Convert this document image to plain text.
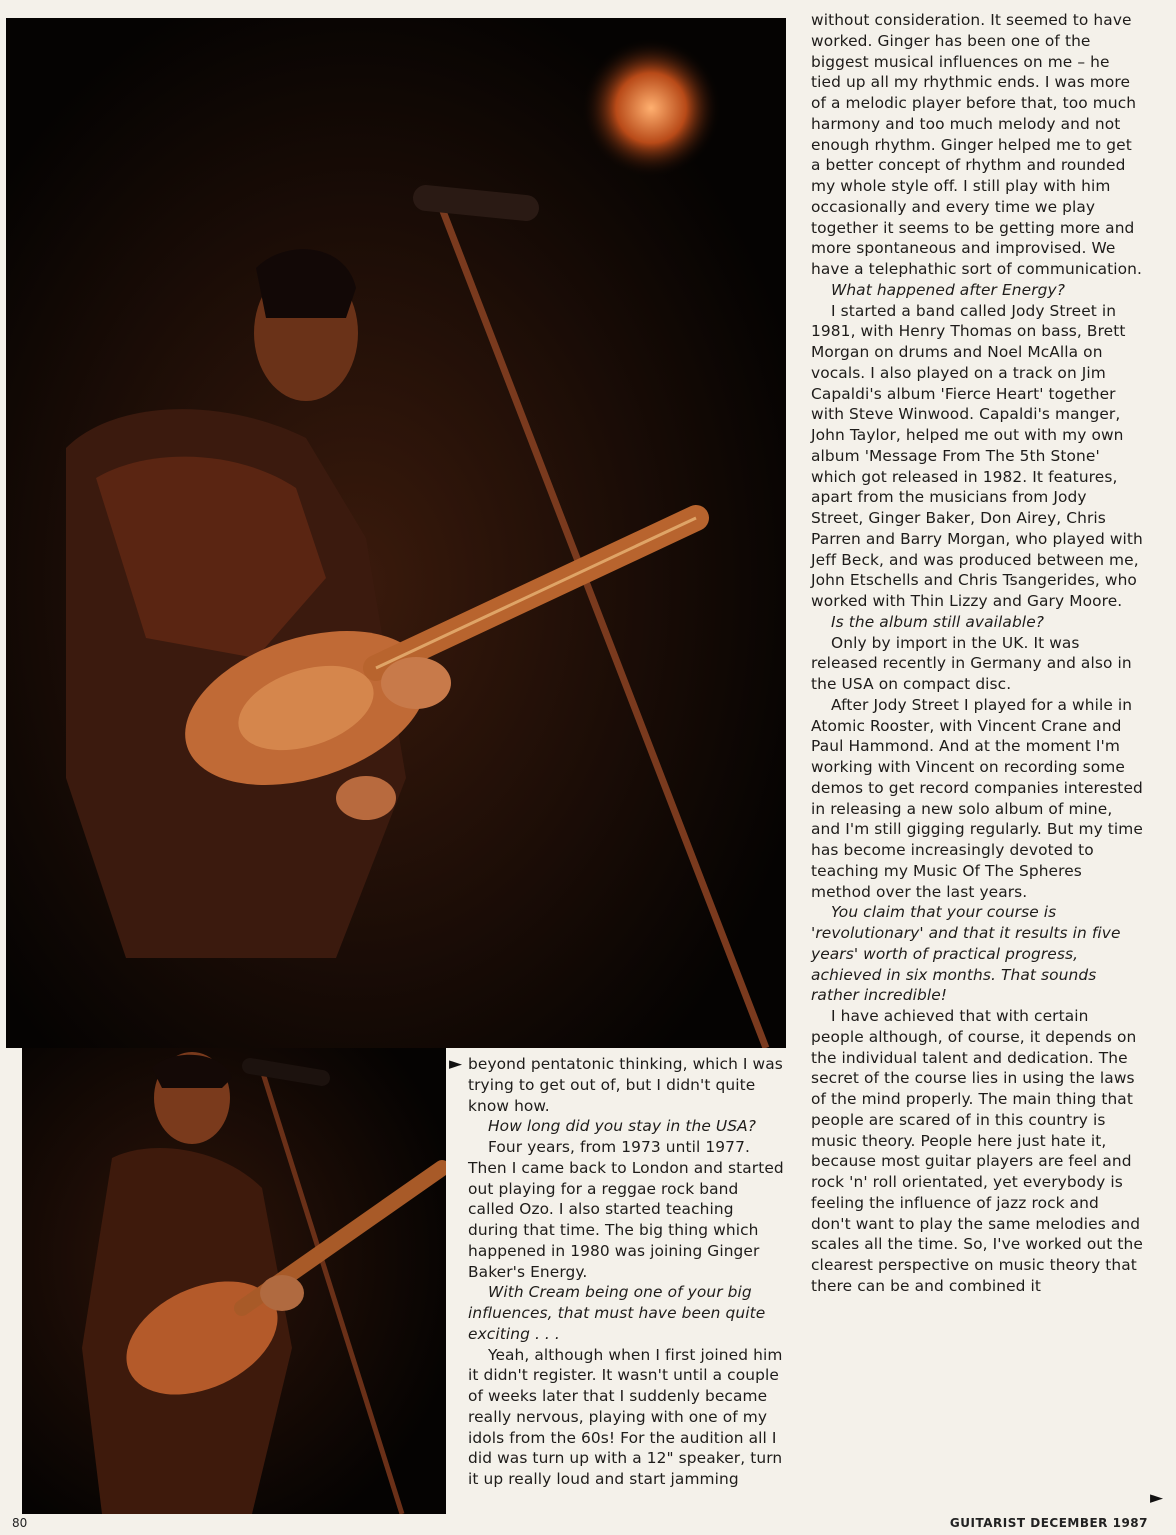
without consideration. It seemed to have worked. Ginger has been one of the biggest musical influences on me – he tied up all my rhythmic ends. I was more of a melodic player before that, too much harmony and too much melody and not enough rhythm. Ginger helped me to get a better concept of rhythm and rounded my whole style off. I still play with him occasionally and every time we play together it seems to be getting more and more spontaneous and improvised. We have a telephathic sort of communication.

What happened after Energy?

I started a band called Jody Street in 1981, with Henry Thomas on bass, Brett Morgan on drums and Noel McAlla on vocals. I also played on a track on Jim Capaldi's album 'Fierce Heart' together with Steve Winwood. Capaldi's manger, John Taylor, helped me out with my own album 'Message From The 5th Stone' which got released in 1982. It features, apart from the musicians from Jody Street, Ginger Baker, Don Airey, Chris Parren and Barry Morgan, who played with Jeff Beck, and was produced between me, John Etschells and Chris Tsangerides, who worked with Thin Lizzy and Gary Moore.

Is the album still available?

Only by import in the UK. It was released recently in Germany and also in the USA on compact disc.

After Jody Street I played for a while in Atomic Rooster, with Vincent Crane and Paul Hammond. And at the moment I'm working with Vincent on recording some demos to get record companies interested in releasing a new solo album of mine, and I'm still gigging regularly. But my time has become increasingly devoted to teaching my Music Of The Spheres method over the last years.

You claim that your course is 'revolutionary' and that it results in five years' worth of practical progress, achieved in six months. That sounds rather incredible!

I have achieved that with certain people although, of course, it depends on the individual talent and dedication. The secret of the course lies in using the laws of the mind properly. The main thing that people are scared of in this country is music theory. People here just hate it, because most guitar players are feel and rock 'n' roll orientated, yet everybody is feeling the influence of jazz rock and don't want to play the same melodies and scales all the time. So, I've worked out the clearest perspective on music theory that there can be and combined it

► beyond pentatonic thinking, which I was trying to get out of, but I didn't quite know how.

How long did you stay in the USA?

Four years, from 1973 until 1977. Then I came back to London and started out playing for a reggae rock band called Ozo. I also started teaching during that time. The big thing which happened in 1980 was joining Ginger Baker's Energy.

With Cream being one of your big influences, that must have been quite exciting . . .

Yeah, although when I first joined him it didn't register. It wasn't until a couple of weeks later that I suddenly became really nervous, playing with one of my idols from the 60s! For the audition all I did was turn up with a 12" speaker, turn it up really loud and start jamming

►
80	GUITARIST DECEMBER 1987
